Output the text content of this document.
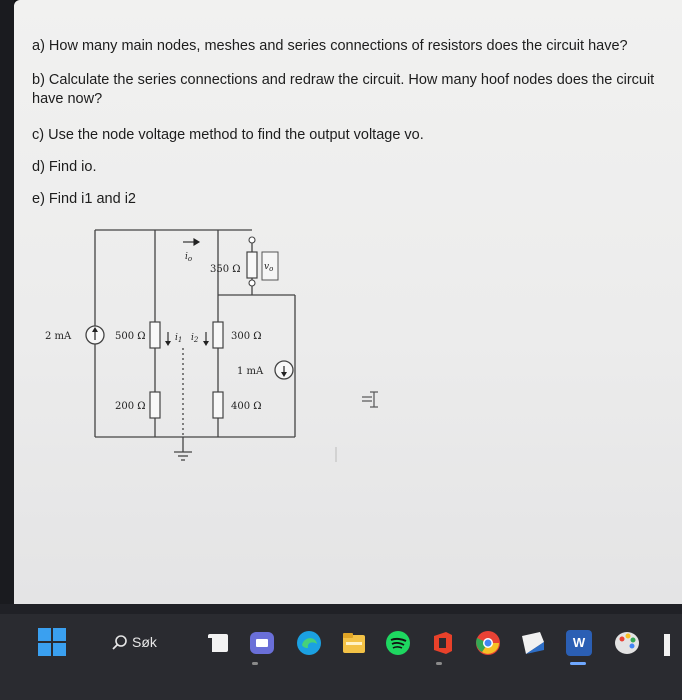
a) How many main nodes, meshes and series connections of resistors does the circuit have?
b) Calculate the series connections and redraw the circuit. How many hoof nodes does the circuit
have now?
c) Use the node voltage method to find the output voltage vo.
d) Find io.
e) Find i1 and i2
2 mA	500 Ω
200 Ω
350 Ω
300 Ω
400 Ω
1 mA
$i_o$
$v_o$
$i_1$ $i_2$
Søk	W
